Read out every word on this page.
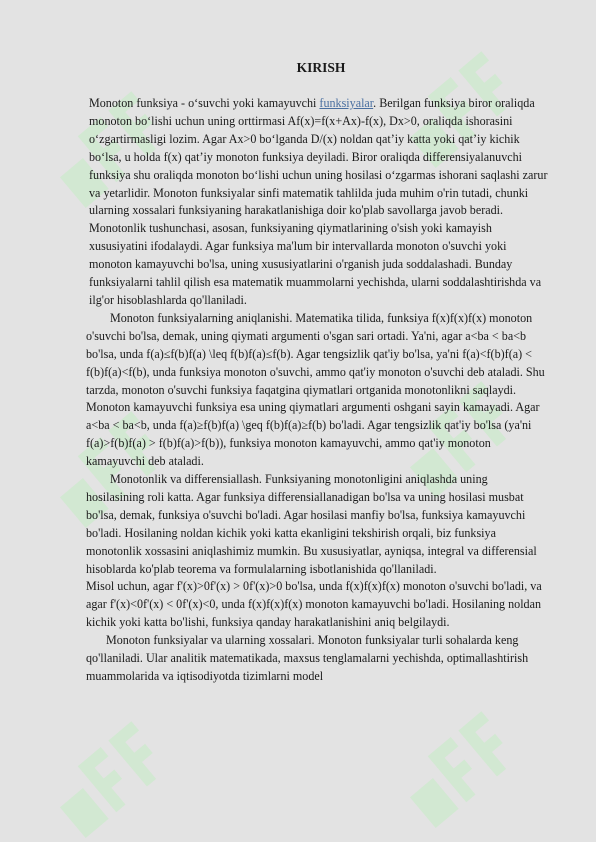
KIRISH

Monoton funksiya - oʻsuvchi yoki kamayuvchi funksiyalar. Berilgan funksiya biror oraliqda monoton boʻlishi uchun uning orttirmasi Af(x)=f(x+Ax)-f(x), Dx>0, oraliqda ishorasini oʻzgartirmasligi lozim. Agar Ax>0 boʻlganda D/(x) noldan qatʼiy katta yoki qatʼiy kichik boʻlsa, u holda f(x) qatʼiy monoton funksiya deyiladi. Biror oraliqda differensiyalanuvchi funksiya shu oraliqda monoton boʻlishi uchun uning hosilasi oʻzgarmas ishorani saqlashi zarur va yetarlidir. Monoton funksiyalar sinfi matematik tahlilda juda muhim o'rin tutadi, chunki ularning xossalari funksiyaning harakatlanishiga doir ko'plab savollarga javob beradi. Monotonlik tushunchasi, asosan, funksiyaning qiymatlarining o'sish yoki kamayish xususiyatini ifodalaydi. Agar funksiya ma'lum bir intervallarda monoton o'suvchi yoki monoton kamayuvchi bo'lsa, uning xususiyatlarini o'rganish juda soddalashadi. Bunday funksiyalarni tahlil qilish esa matematik muammolarni yechishda, ularni soddalashtirishda va ilg'or hisoblashlarda qo'llaniladi.

Monoton funksiyalarning aniqlanishi. Matematika tilida, funksiya f(x)f(x)f(x) monoton o'suvchi bo'lsa, demak, uning qiymati argumenti o'sgan sari ortadi. Ya'ni, agar a<ba < ba<b bo'lsa, unda f(a)≤f(b)f(a) \leq f(b)f(a)≤f(b). Agar tengsizlik qat'iy bo'lsa, ya'ni f(a)<f(b)f(a) < f(b)f(a)<f(b), unda funksiya monoton o'suvchi, ammo qat'iy monoton o'suvchi deb ataladi. Shu tarzda, monoton o'suvchi funksiya faqatgina qiymatlari ortganida monotonlikni saqlaydi. Monoton kamayuvchi funksiya esa uning qiymatlari argumenti oshgani sayin kamayadi. Agar a<ba < ba<b, unda f(a)≥f(b)f(a) \geq f(b)f(a)≥f(b) bo'ladi. Agar tengsizlik qat'iy bo'lsa (ya'ni f(a)>f(b)f(a) > f(b)f(a)>f(b)), funksiya monoton kamayuvchi, ammo qat'iy monoton kamayuvchi deb ataladi.

Monotonlik va differensiallash. Funksiyaning monotonligini aniqlashda uning hosilasining roli katta. Agar funksiya differensiallanadigan bo'lsa va uning hosilasi musbat bo'lsa, demak, funksiya o'suvchi bo'ladi. Agar hosilasi manfiy bo'lsa, funksiya kamayuvchi bo'ladi. Hosilaning noldan kichik yoki katta ekanligini tekshirish orqali, biz funksiya monotonlik xossasini aniqlashimiz mumkin. Bu xususiyatlar, ayniqsa, integral va differensial hisoblarda ko'plab teorema va formulalarning isbotlanishida qo'llaniladi.

Misol uchun, agar f'(x)>0f'(x) > 0f'(x)>0 bo'lsa, unda f(x)f(x)f(x) monoton o'suvchi bo'ladi, va agar f'(x)<0f'(x) < 0f'(x)<0, unda f(x)f(x)f(x) monoton kamayuvchi bo'ladi. Hosilaning noldan kichik yoki katta bo'lishi, funksiya qanday harakatlanishini aniq belgilaydi.

Monoton funksiyalar va ularning xossalari. Monoton funksiyalar turli sohalarda keng qo'llaniladi. Ular analitik matematikada, maxsus tenglamalarni yechishda, optimallashtirish muammolarida va iqtisodiyotda tizimlarni model
